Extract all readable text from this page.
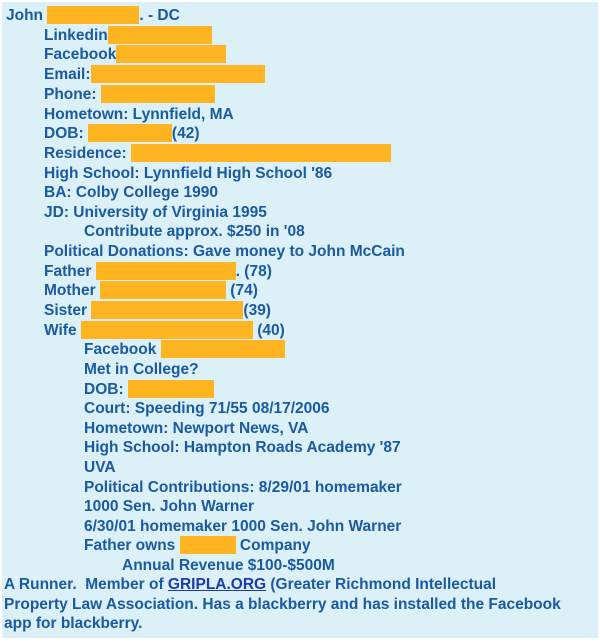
John	. - DC
Linkedin
Facebook
Email:
Phone:
Hometown: Lynnfield, MA
DOB:	(42)
Residence:
High School: Lynnfield High School '86
BA: Colby College 1990
JD: University of Virginia 1995
Contribute approx. $250 in '08
Political Donations: Gave money to John McCain
Father	. (78)
Mother	(74)
Sister	(39)
Wife	(40)
Facebook
Met in College?
DOB:
Court: Speeding 71/55 08/17/2006
Hometown: Newport News, VA
High School: Hampton Roads Academy '87
UVA
Political Contributions: 8/29/01 homemaker
1000 Sen. John Warner
6/30/01 homemaker 1000 Sen. John Warner
Father owns	Company
Annual Revenue $100-$500M
A Runner.  Member of GRIPLA.ORG (Greater Richmond Intellectual
Property Law Association. Has a blackberry and has installed the Facebook
app for blackberry.
